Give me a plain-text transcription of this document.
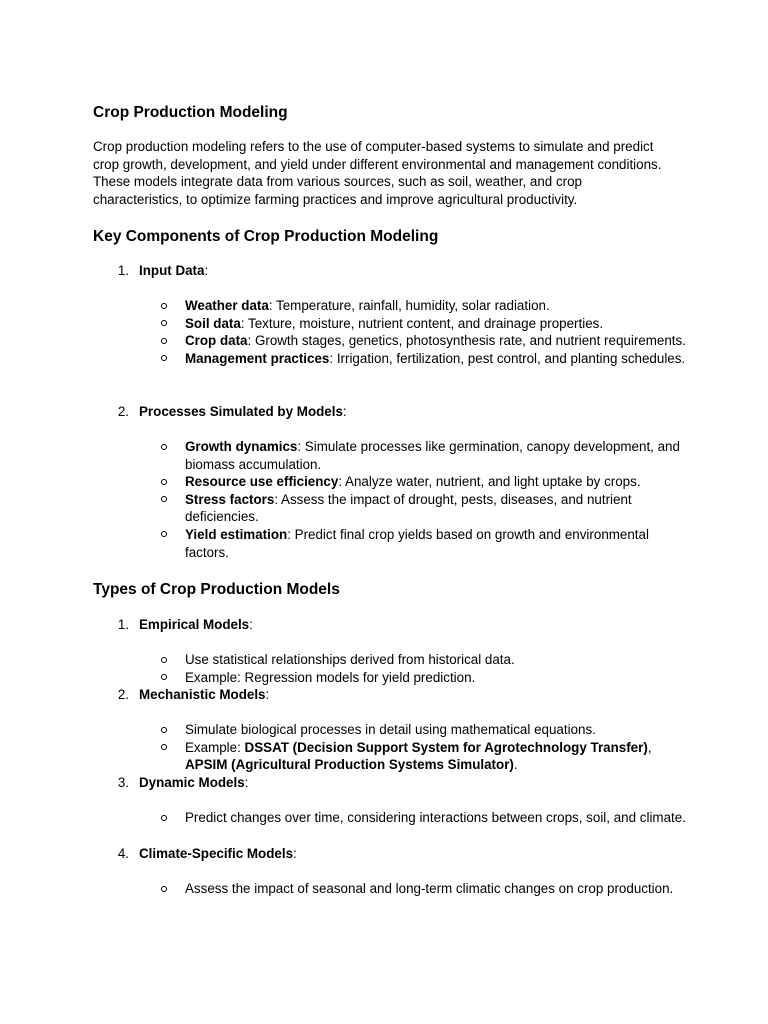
Crop Production Modeling

Crop production modeling refers to the use of computer-based systems to simulate and predict crop growth, development, and yield under different environmental and management conditions. These models integrate data from various sources, such as soil, weather, and crop characteristics, to optimize farming practices and improve agricultural productivity.

Key Components of Crop Production Modeling
1. Input Data:
Weather data: Temperature, rainfall, humidity, solar radiation.
Soil data: Texture, moisture, nutrient content, and drainage properties.
Crop data: Growth stages, genetics, photosynthesis rate, and nutrient requirements.
Management practices: Irrigation, fertilization, pest control, and planting schedules.
2. Processes Simulated by Models:
Growth dynamics: Simulate processes like germination, canopy development, and biomass accumulation.
Resource use efficiency: Analyze water, nutrient, and light uptake by crops.
Stress factors: Assess the impact of drought, pests, diseases, and nutrient deficiencies.
Yield estimation: Predict final crop yields based on growth and environmental factors.
Types of Crop Production Models
1. Empirical Models:
Use statistical relationships derived from historical data.
Example: Regression models for yield prediction.
2. Mechanistic Models:
Simulate biological processes in detail using mathematical equations.
Example: DSSAT (Decision Support System for Agrotechnology Transfer), APSIM (Agricultural Production Systems Simulator).
3. Dynamic Models:
Predict changes over time, considering interactions between crops, soil, and climate.
4. Climate-Specific Models:
Assess the impact of seasonal and long-term climatic changes on crop production.
